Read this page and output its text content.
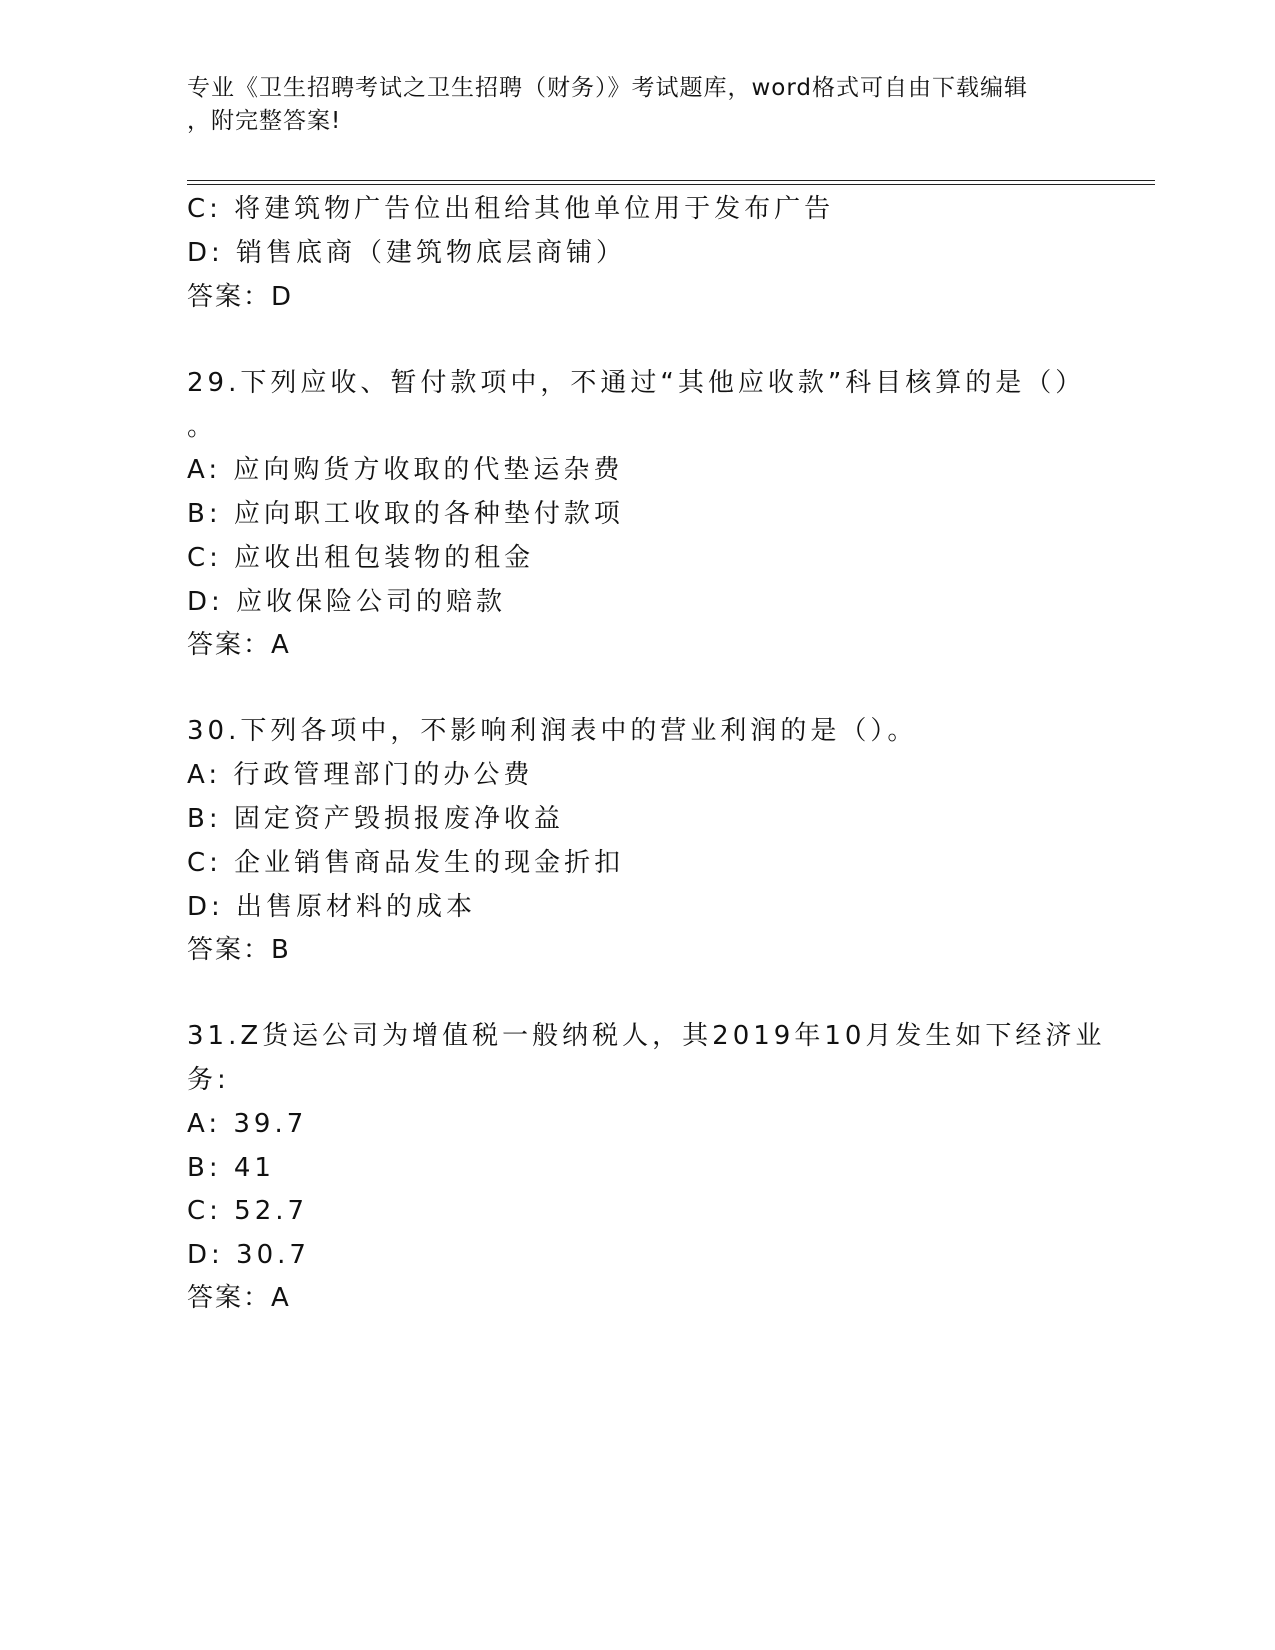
专业《卫生招聘考试之卫生招聘（财务）》考试题库，word格式可自由下载编辑
，附完整答案!
C: 将建筑物广告位出租给其他单位用于发布广告
D: 销售底商（建筑物底层商铺）
答案：D
29.下列应收、暂付款项中，不通过“其他应收款”科目核算的是（）
。
A: 应向购货方收取的代垫运杂费
B: 应向职工收取的各种垫付款项
C: 应收出租包装物的租金
D: 应收保险公司的赔款
答案：A
30.下列各项中，不影响利润表中的营业利润的是（）。
A: 行政管理部门的办公费
B: 固定资产毁损报废净收益
C: 企业销售商品发生的现金折扣
D: 出售原材料的成本
答案：B
31.Z货运公司为增值税一般纳税人，其2019年10月发生如下经济业
务:
A: 39.7
B: 41
C: 52.7
D: 30.7
答案：A
